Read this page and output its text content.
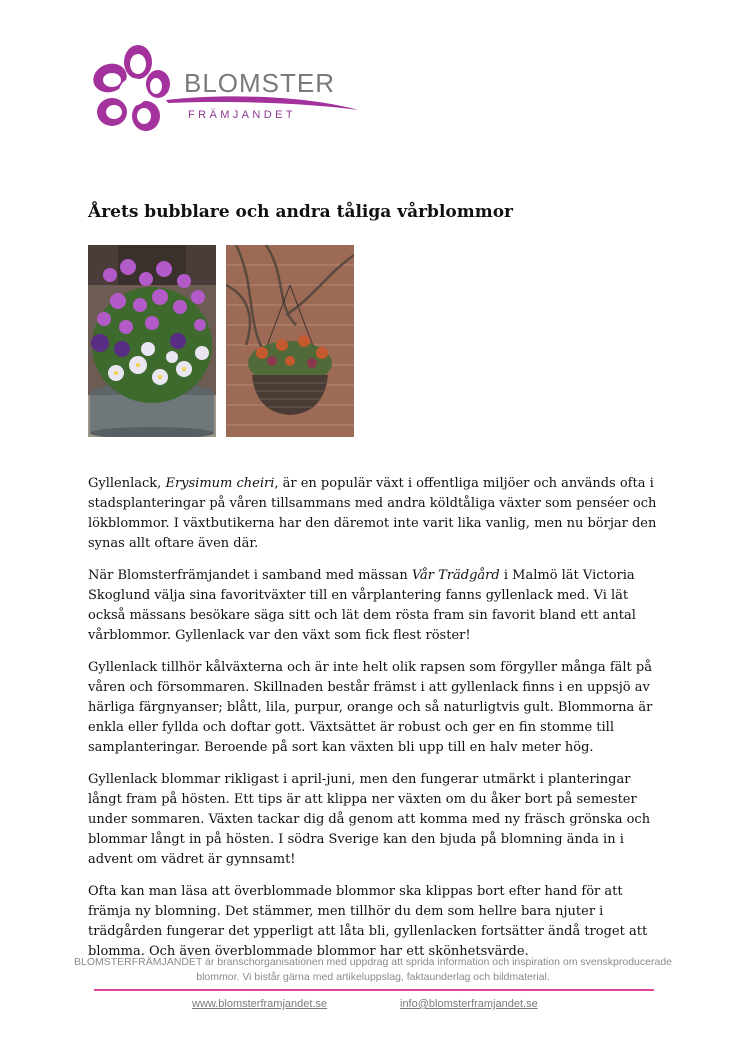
BLOMSTER
FRÄMJANDET
Årets bubblare och andra tåliga vårblommor

Gyllenlack, Erysimum cheiri, är en populär växt i offentliga miljöer och används ofta i stadsplanteringar på våren tillsammans med andra köldtåliga växter som penséer och lökblommor. I växtbutikerna har den däremot inte varit lika vanlig, men nu börjar den synas allt oftare även där.

När Blomsterfrämjandet i samband med mässan Vår Trädgård i Malmö lät Victoria Skoglund välja sina favoritväxter till en vårplantering fanns gyllenlack med. Vi lät också mässans besökare säga sitt och lät dem rösta fram sin favorit bland ett antal vårblommor. Gyllenlack var den växt som fick flest röster!

Gyllenlack tillhör kålväxterna och är inte helt olik rapsen som förgyller många fält på våren och försommaren. Skillnaden består främst i att gyllenlack finns i en uppsjö av härliga färgnyanser; blått, lila, purpur, orange och så naturligtvis gult. Blommorna är enkla eller fyllda och doftar gott. Växtsättet är robust och ger en fin stomme till samplanteringar. Beroende på sort kan växten bli upp till en halv meter hög.

Gyllenlack blommar rikligast i april-juni, men den fungerar utmärkt i planteringar långt fram på hösten. Ett tips är att klippa ner växten om du åker bort på semester under sommaren. Växten tackar dig då genom att komma med ny fräsch grönska och blommar långt in på hösten. I södra Sverige kan den bjuda på blomning ända in i advent om vädret är gynnsamt!

Ofta kan man läsa att överblommade blommor ska klippas bort efter hand för att främja ny blomning. Det stämmer, men tillhör du dem som hellre bara njuter i trädgården fungerar det ypperligt att låta bli, gyllenlacken fortsätter ändå troget att blomma. Och även överblommade blommor har ett skönhetsvärde.

BLOMSTERFRÄMJANDET är branschorganisationen med uppdrag att sprida information och inspiration om svenskproducerade blommor. Vi bistår gärna med artikeluppslag, faktaunderlag och bildmaterial.
www.blomsterframjandet.se	info@blomsterframjandet.se
